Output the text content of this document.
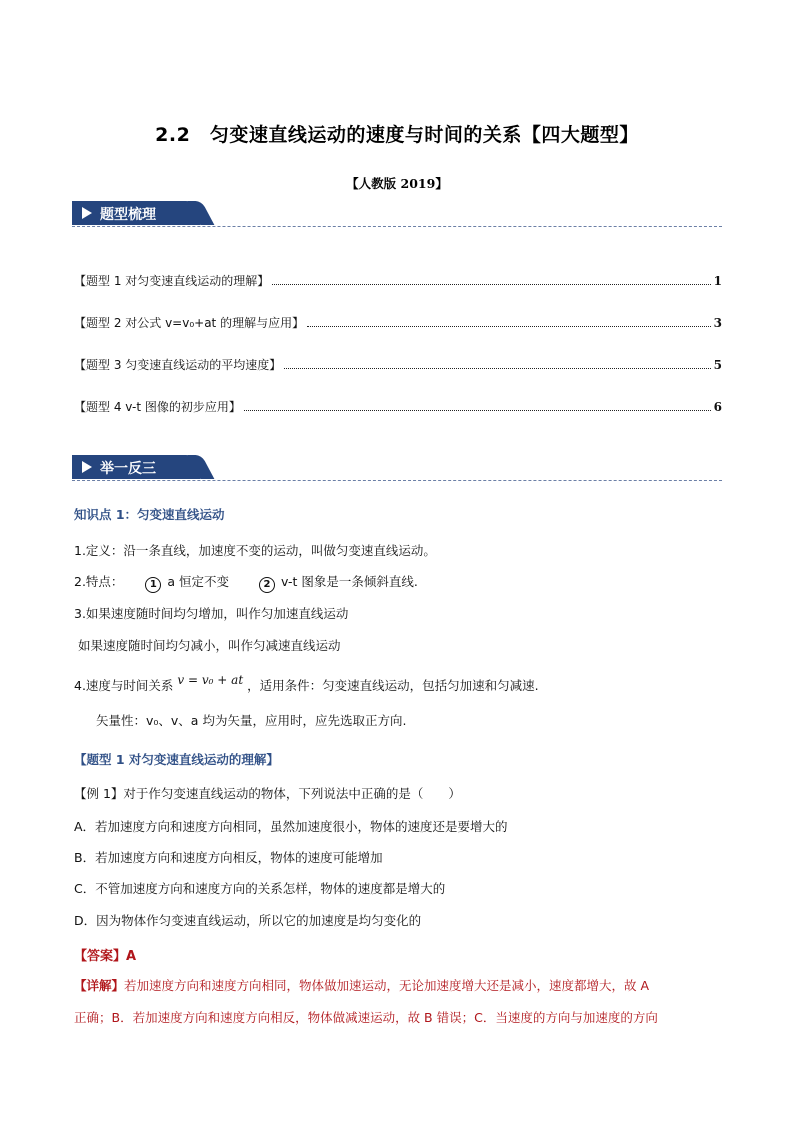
2.2　匀变速直线运动的速度与时间的关系【四大题型】
【人教版 2019】
题型梳理
【题型 1 对匀变速直线运动的理解】	1
【题型 2 对公式 v=v₀+at 的理解与应用】	3
【题型 3 匀变速直线运动的平均速度】	5
【题型 4 v-t 图像的初步应用】	6
举一反三
知识点 1：匀变速直线运动
1.定义：沿一条直线，加速度不变的运动，叫做匀变速直线运动。
2.特点：	1 a 恒定不变	2 v-t 图象是一条倾斜直线.
3.如果速度随时间均匀增加，叫作匀加速直线运动
如果速度随时间均匀减小，叫作匀减速直线运动
4.速度与时间关系 v = v₀ + at ，适用条件：匀变速直线运动，包括匀加速和匀减速.
矢量性：v₀、v、a 均为矢量，应用时，应先选取正方向.
【题型 1 对匀变速直线运动的理解】
【例 1】对于作匀变速直线运动的物体，下列说法中正确的是（　　）
A．若加速度方向和速度方向相同，虽然加速度很小，物体的速度还是要增大的
B．若加速度方向和速度方向相反，物体的速度可能增加
C．不管加速度方向和速度方向的关系怎样，物体的速度都是增大的
D．因为物体作匀变速直线运动，所以它的加速度是均匀变化的
【答案】A
【详解】若加速度方向和速度方向相同，物体做加速运动，无论加速度增大还是减小，速度都增大，故 A
正确；B．若加速度方向和速度方向相反，物体做减速运动，故 B 错误；C．当速度的方向与加速度的方向
